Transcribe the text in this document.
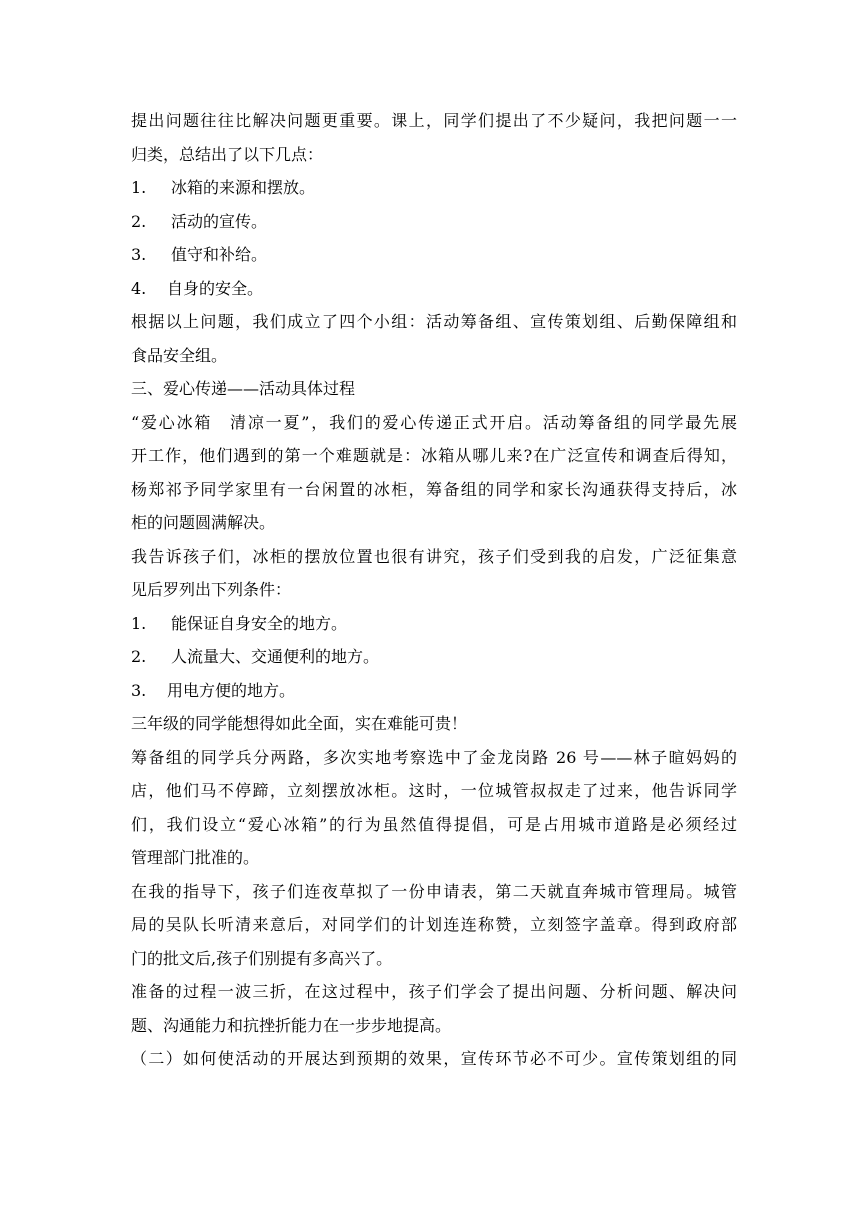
提出问题往往比解决问题更重要。课上，同学们提出了不少疑问，我把问题一一
归类，总结出了以下几点：
1.	冰箱的来源和摆放。
2.	活动的宣传。
3.	值守和补给。
4.	自身的安全。
根据以上问题，我们成立了四个小组：活动筹备组、宣传策划组、后勤保障组和
食品安全组。
三、爱心传递——活动具体过程
“爱心冰箱　清凉一夏”，我们的爱心传递正式开启。活动筹备组的同学最先展
开工作，他们遇到的第一个难题就是：冰箱从哪儿来?在广泛宣传和调查后得知，
杨郑祁予同学家里有一台闲置的冰柜，筹备组的同学和家长沟通获得支持后，冰
柜的问题圆满解决。
我告诉孩子们，冰柜的摆放位置也很有讲究，孩子们受到我的启发，广泛征集意
见后罗列出下列条件：
1.	能保证自身安全的地方。
2.	人流量大、交通便利的地方。
3.	用电方便的地方。
三年级的同学能想得如此全面，实在难能可贵！
筹备组的同学兵分两路，多次实地考察选中了金龙岗路 26 号——林子暄妈妈的
店，他们马不停蹄，立刻摆放冰柜。这时，一位城管叔叔走了过来，他告诉同学
们，我们设立“爱心冰箱”的行为虽然值得提倡，可是占用城市道路是必须经过
管理部门批准的。
在我的指导下，孩子们连夜草拟了一份申请表，第二天就直奔城市管理局。城管
局的吴队长听清来意后，对同学们的计划连连称赞，立刻签字盖章。得到政府部
门的批文后,孩子们别提有多高兴了。
准备的过程一波三折，在这过程中，孩子们学会了提出问题、分析问题、解决问
题、沟通能力和抗挫折能力在一步步地提高。
（二）如何使活动的开展达到预期的效果，宣传环节必不可少。宣传策划组的同
